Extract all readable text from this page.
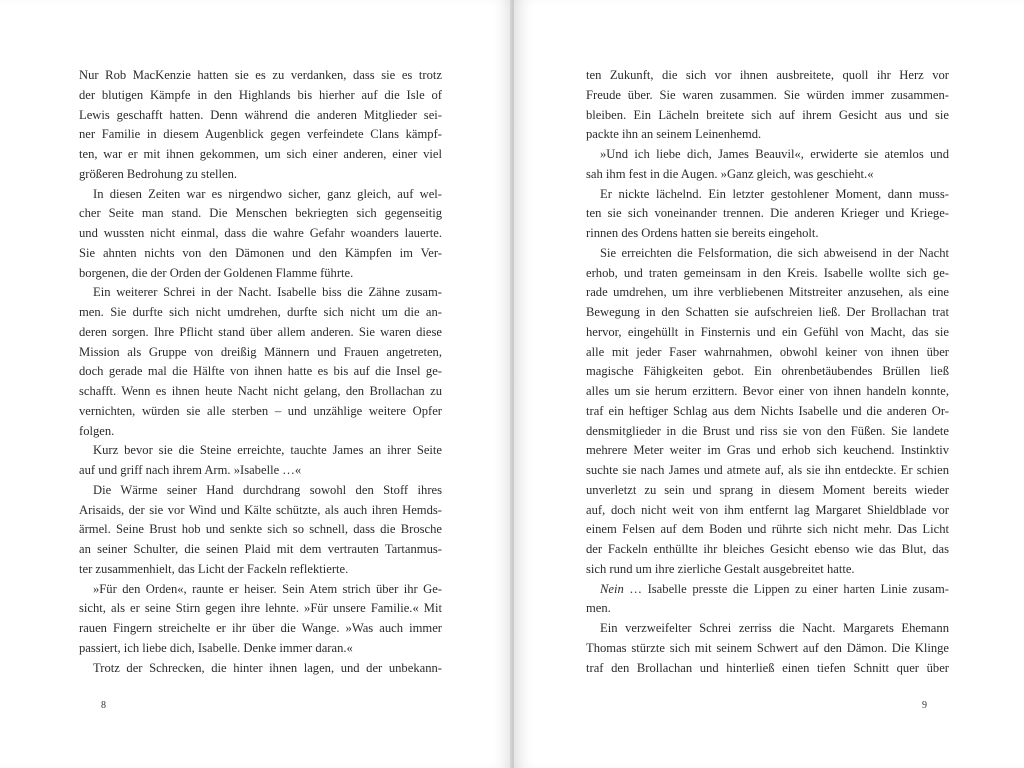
Nur Rob MacKenzie hatten sie es zu verdanken, dass sie es trotz
der blutigen Kämpfe in den Highlands bis hierher auf die Isle of
Lewis geschafft hatten. Denn während die anderen Mitglieder sei-
ner Familie in diesem Augenblick gegen verfeindete Clans kämpf-
ten, war er mit ihnen gekommen, um sich einer anderen, einer viel
größeren Bedrohung zu stellen.
In diesen Zeiten war es nirgendwo sicher, ganz gleich, auf wel-
cher Seite man stand. Die Menschen bekriegten sich gegenseitig
und wussten nicht einmal, dass die wahre Gefahr woanders lauerte.
Sie ahnten nichts von den Dämonen und den Kämpfen im Ver-
borgenen, die der Orden der Goldenen Flamme führte.
Ein weiterer Schrei in der Nacht. Isabelle biss die Zähne zusam-
men. Sie durfte sich nicht umdrehen, durfte sich nicht um die an-
deren sorgen. Ihre Pflicht stand über allem anderen. Sie waren diese
Mission als Gruppe von dreißig Männern und Frauen angetreten,
doch gerade mal die Hälfte von ihnen hatte es bis auf die Insel ge-
schafft. Wenn es ihnen heute Nacht nicht gelang, den Brollachan zu
vernichten, würden sie alle sterben – und unzählige weitere Opfer
folgen.
Kurz bevor sie die Steine erreichte, tauchte James an ihrer Seite
auf und griff nach ihrem Arm. »Isabelle …«
Die Wärme seiner Hand durchdrang sowohl den Stoff ihres
Arisaids, der sie vor Wind und Kälte schützte, als auch ihren Hemds-
ärmel. Seine Brust hob und senkte sich so schnell, dass die Brosche
an seiner Schulter, die seinen Plaid mit dem vertrauten Tartanmus-
ter zusammenhielt, das Licht der Fackeln reflektierte.
»Für den Orden«, raunte er heiser. Sein Atem strich über ihr Ge-
sicht, als er seine Stirn gegen ihre lehnte. »Für unsere Familie.« Mit
rauen Fingern streichelte er ihr über die Wange. »Was auch immer
passiert, ich liebe dich, Isabelle. Denke immer daran.«
Trotz der Schrecken, die hinter ihnen lagen, und der unbekann-
8
ten Zukunft, die sich vor ihnen ausbreitete, quoll ihr Herz vor
Freude über. Sie waren zusammen. Sie würden immer zusammen-
bleiben. Ein Lächeln breitete sich auf ihrem Gesicht aus und sie
packte ihn an seinem Leinenhemd.
»Und ich liebe dich, James Beauvil«, erwiderte sie atemlos und
sah ihm fest in die Augen. »Ganz gleich, was geschieht.«
Er nickte lächelnd. Ein letzter gestohlener Moment, dann muss-
ten sie sich voneinander trennen. Die anderen Krieger und Kriege-
rinnen des Ordens hatten sie bereits eingeholt.
Sie erreichten die Felsformation, die sich abweisend in der Nacht
erhob, und traten gemeinsam in den Kreis. Isabelle wollte sich ge-
rade umdrehen, um ihre verbliebenen Mitstreiter anzusehen, als eine
Bewegung in den Schatten sie aufschreien ließ. Der Brollachan trat
hervor, eingehüllt in Finsternis und ein Gefühl von Macht, das sie
alle mit jeder Faser wahrnahmen, obwohl keiner von ihnen über
magische Fähigkeiten gebot. Ein ohrenbetäubendes Brüllen ließ
alles um sie herum erzittern. Bevor einer von ihnen handeln konnte,
traf ein heftiger Schlag aus dem Nichts Isabelle und die anderen Or-
densmitglieder in die Brust und riss sie von den Füßen. Sie landete
mehrere Meter weiter im Gras und erhob sich keuchend. Instinktiv
suchte sie nach James und atmete auf, als sie ihn entdeckte. Er schien
unverletzt zu sein und sprang in diesem Moment bereits wieder
auf, doch nicht weit von ihm entfernt lag Margaret Shieldblade vor
einem Felsen auf dem Boden und rührte sich nicht mehr. Das Licht
der Fackeln enthüllte ihr bleiches Gesicht ebenso wie das Blut, das
sich rund um ihre zierliche Gestalt ausgebreitet hatte.
Nein … Isabelle presste die Lippen zu einer harten Linie zusam-
men.
Ein verzweifelter Schrei zerriss die Nacht. Margarets Ehemann
Thomas stürzte sich mit seinem Schwert auf den Dämon. Die Klinge
traf den Brollachan und hinterließ einen tiefen Schnitt quer über
9
